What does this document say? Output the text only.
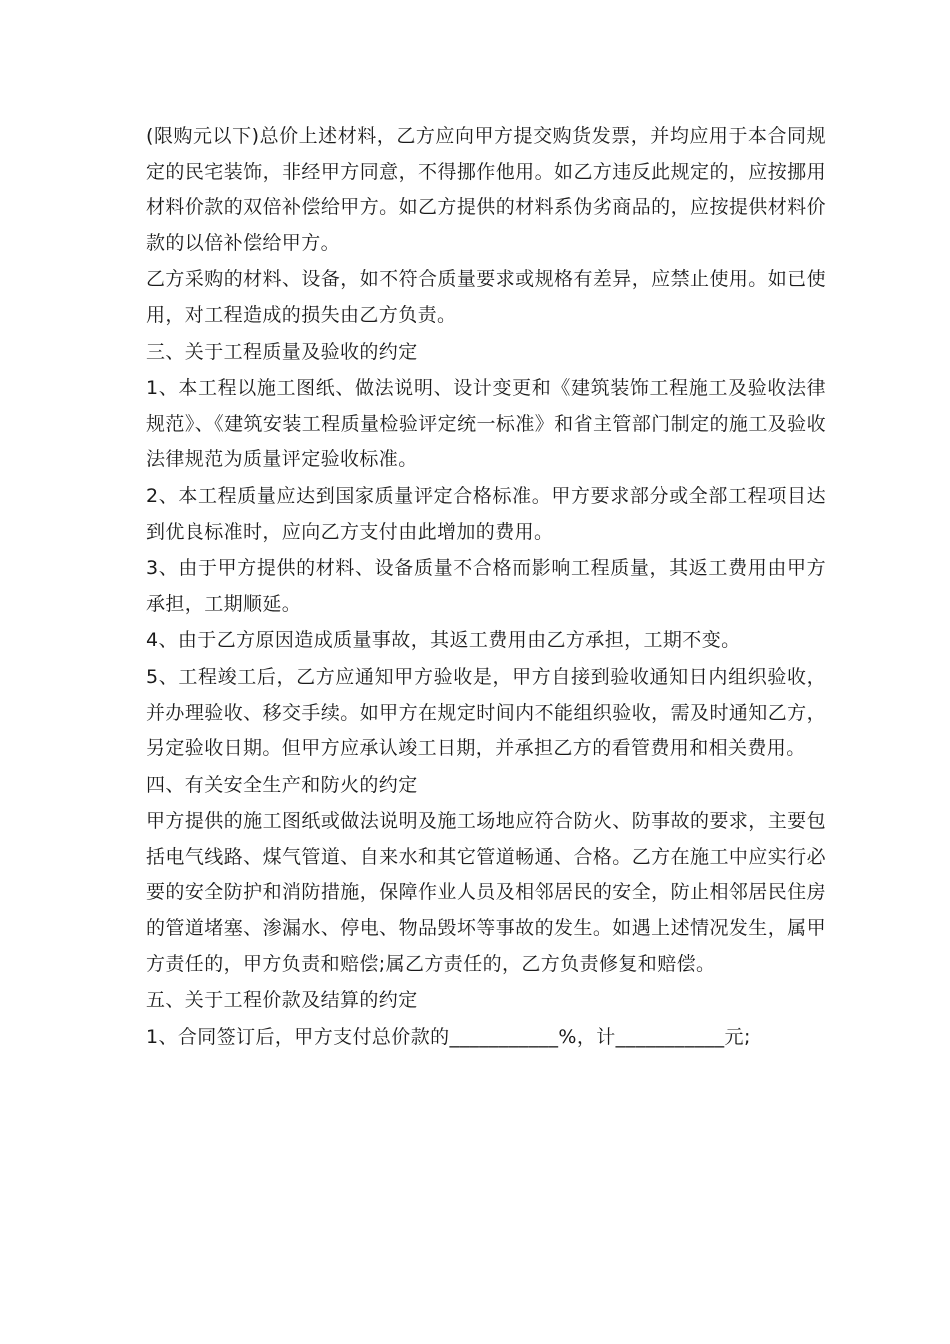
(限购元以下)总价上述材料，乙方应向甲方提交购货发票，并均应用于本合同规定的民宅装饰，非经甲方同意，不得挪作他用。如乙方违反此规定的，应按挪用材料价款的双倍补偿给甲方。如乙方提供的材料系伪劣商品的，应按提供材料价款的以倍补偿给甲方。

乙方采购的材料、设备，如不符合质量要求或规格有差异，应禁止使用。如已使用，对工程造成的损失由乙方负责。

三、关于工程质量及验收的约定

1、本工程以施工图纸、做法说明、设计变更和《建筑装饰工程施工及验收法律规范》、《建筑安装工程质量检验评定统一标准》和省主管部门制定的施工及验收法律规范为质量评定验收标准。

2、本工程质量应达到国家质量评定合格标准。甲方要求部分或全部工程项目达到优良标准时，应向乙方支付由此增加的费用。

3、由于甲方提供的材料、设备质量不合格而影响工程质量，其返工费用由甲方承担，工期顺延。

4、由于乙方原因造成质量事故，其返工费用由乙方承担，工期不变。

5、工程竣工后，乙方应通知甲方验收是，甲方自接到验收通知日内组织验收，并办理验收、移交手续。如甲方在规定时间内不能组织验收，需及时通知乙方，另定验收日期。但甲方应承认竣工日期，并承担乙方的看管费用和相关费用。

四、有关安全生产和防火的约定

甲方提供的施工图纸或做法说明及施工场地应符合防火、防事故的要求，主要包括电气线路、煤气管道、自来水和其它管道畅通、合格。乙方在施工中应实行必要的安全防护和消防措施，保障作业人员及相邻居民的安全，防止相邻居民住房的管道堵塞、渗漏水、停电、物品毁坏等事故的发生。如遇上述情况发生，属甲方责任的，甲方负责和赔偿;属乙方责任的，乙方负责修复和赔偿。

五、关于工程价款及结算的约定

1、合同签订后，甲方支付总价款的___________%，计___________元;
